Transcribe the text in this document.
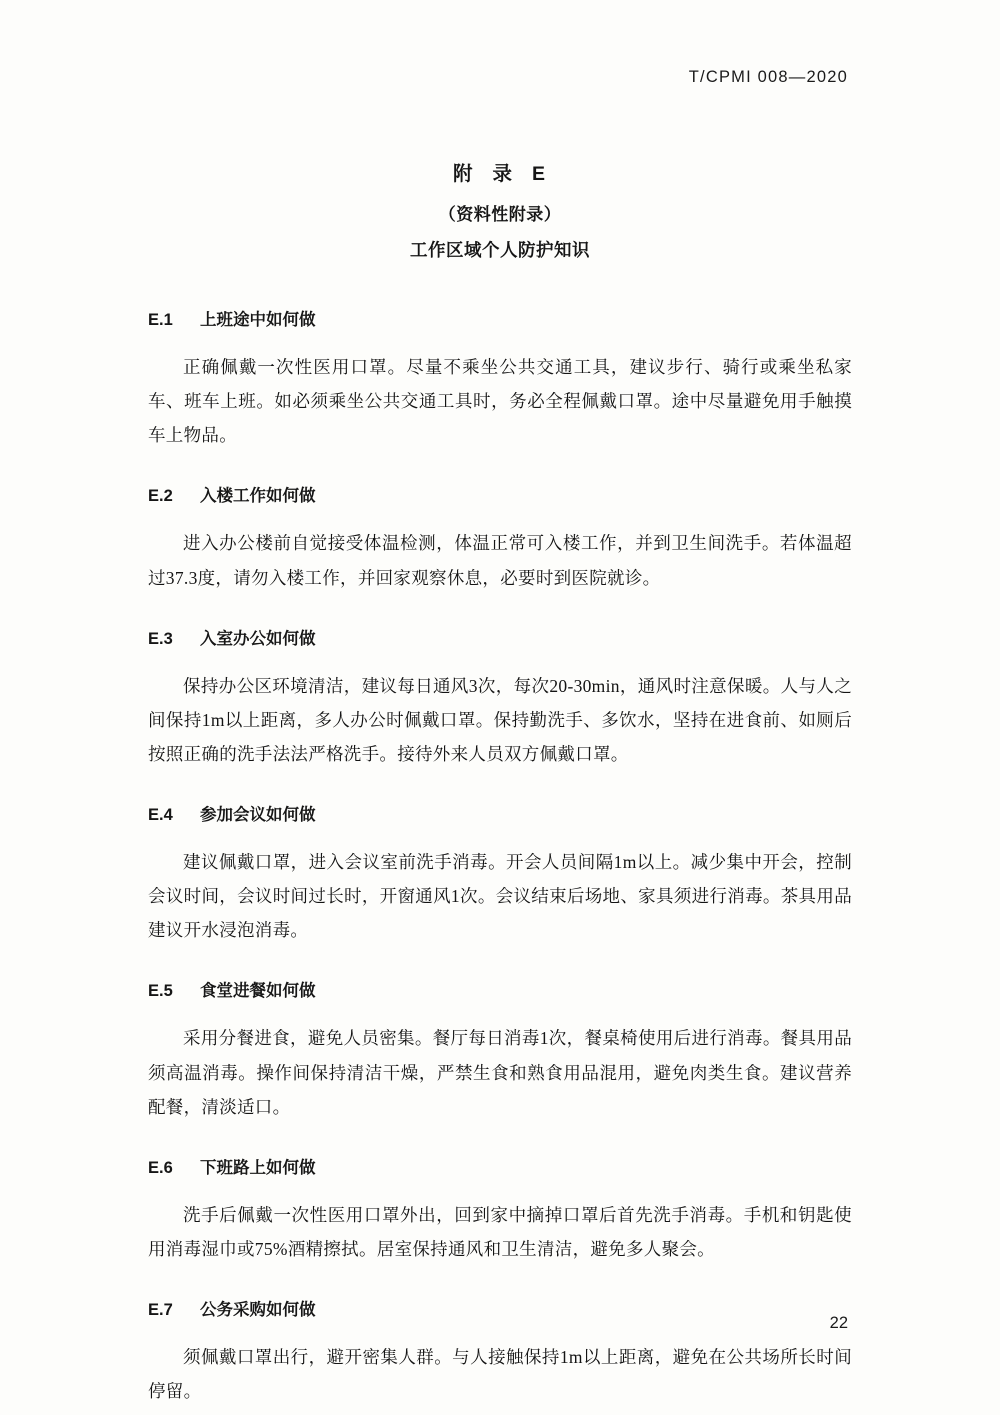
T/CPMI 008—2020
附 录 E
（资料性附录）
工作区域个人防护知识

E.1 上班途中如何做

正确佩戴一次性医用口罩。尽量不乘坐公共交通工具，建议步行、骑行或乘坐私家车、班车上班。如必须乘坐公共交通工具时，务必全程佩戴口罩。途中尽量避免用手触摸车上物品。

E.2 入楼工作如何做

进入办公楼前自觉接受体温检测，体温正常可入楼工作，并到卫生间洗手。若体温超过37.3度，请勿入楼工作，并回家观察休息，必要时到医院就诊。

E.3 入室办公如何做

保持办公区环境清洁，建议每日通风3次，每次20-30min，通风时注意保暖。人与人之间保持1m以上距离，多人办公时佩戴口罩。保持勤洗手、多饮水，坚持在进食前、如厕后按照正确的洗手法法严格洗手。接待外来人员双方佩戴口罩。

E.4 参加会议如何做

建议佩戴口罩，进入会议室前洗手消毒。开会人员间隔1m以上。减少集中开会，控制会议时间，会议时间过长时，开窗通风1次。会议结束后场地、家具须进行消毒。茶具用品建议开水浸泡消毒。

E.5 食堂进餐如何做

采用分餐进食，避免人员密集。餐厅每日消毒1次，餐桌椅使用后进行消毒。餐具用品须高温消毒。操作间保持清洁干燥，严禁生食和熟食用品混用，避免肉类生食。建议营养配餐，清淡适口。

E.6 下班路上如何做

洗手后佩戴一次性医用口罩外出，回到家中摘掉口罩后首先洗手消毒。手机和钥匙使用消毒湿巾或75%酒精擦拭。居室保持通风和卫生清洁，避免多人聚会。

E.7 公务采购如何做

须佩戴口罩出行，避开密集人群。与人接触保持1m以上距离，避免在公共场所长时间停留。

22
